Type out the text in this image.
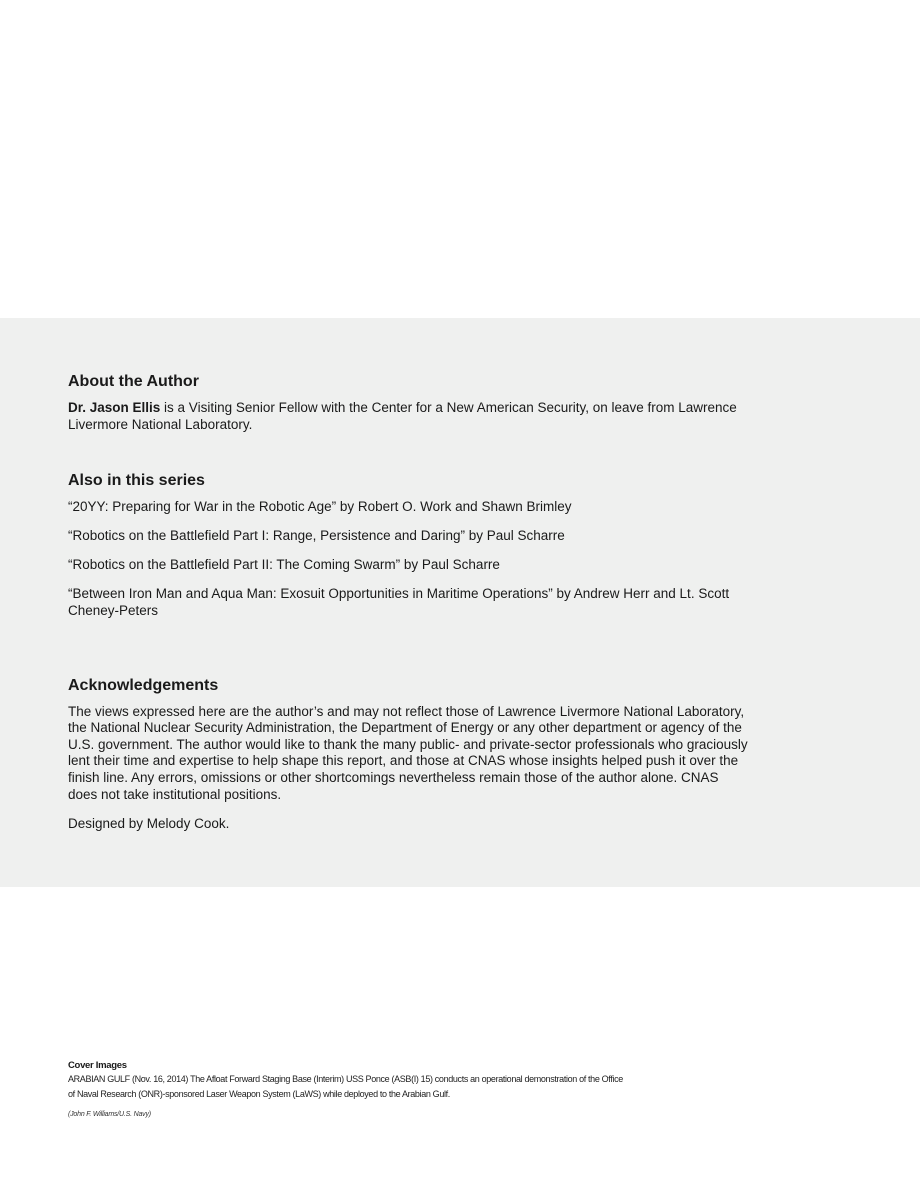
About the Author

Dr. Jason Ellis is a Visiting Senior Fellow with the Center for a New American Security, on leave from Lawrence Livermore National Laboratory.

Also in this series

“20YY: Preparing for War in the Robotic Age” by Robert O. Work and Shawn Brimley

“Robotics on the Battlefield Part I: Range, Persistence and Daring” by Paul Scharre

“Robotics on the Battlefield Part II: The Coming Swarm” by Paul Scharre

“Between Iron Man and Aqua Man: Exosuit Opportunities in Maritime Operations” by Andrew Herr and Lt. Scott Cheney-Peters

Acknowledgements

The views expressed here are the author’s and may not reflect those of Lawrence Livermore National Laboratory, the National Nuclear Security Administration, the Department of Energy or any other department or agency of the U.S. government. The author would like to thank the many public- and private-sector professionals who graciously lent their time and expertise to help shape this report, and those at CNAS whose insights helped push it over the finish line. Any errors, omissions or other shortcomings nevertheless remain those of the author alone. CNAS does not take institutional positions.

Designed by Melody Cook.

Cover Images
ARABIAN GULF (Nov. 16, 2014) The Afloat Forward Staging Base (Interim) USS Ponce (ASB(I) 15) conducts an operational demonstration of the Office of Naval Research (ONR)-sponsored Laser Weapon System (LaWS) while deployed to the Arabian Gulf.
(John F. Williams/U.S. Navy)
